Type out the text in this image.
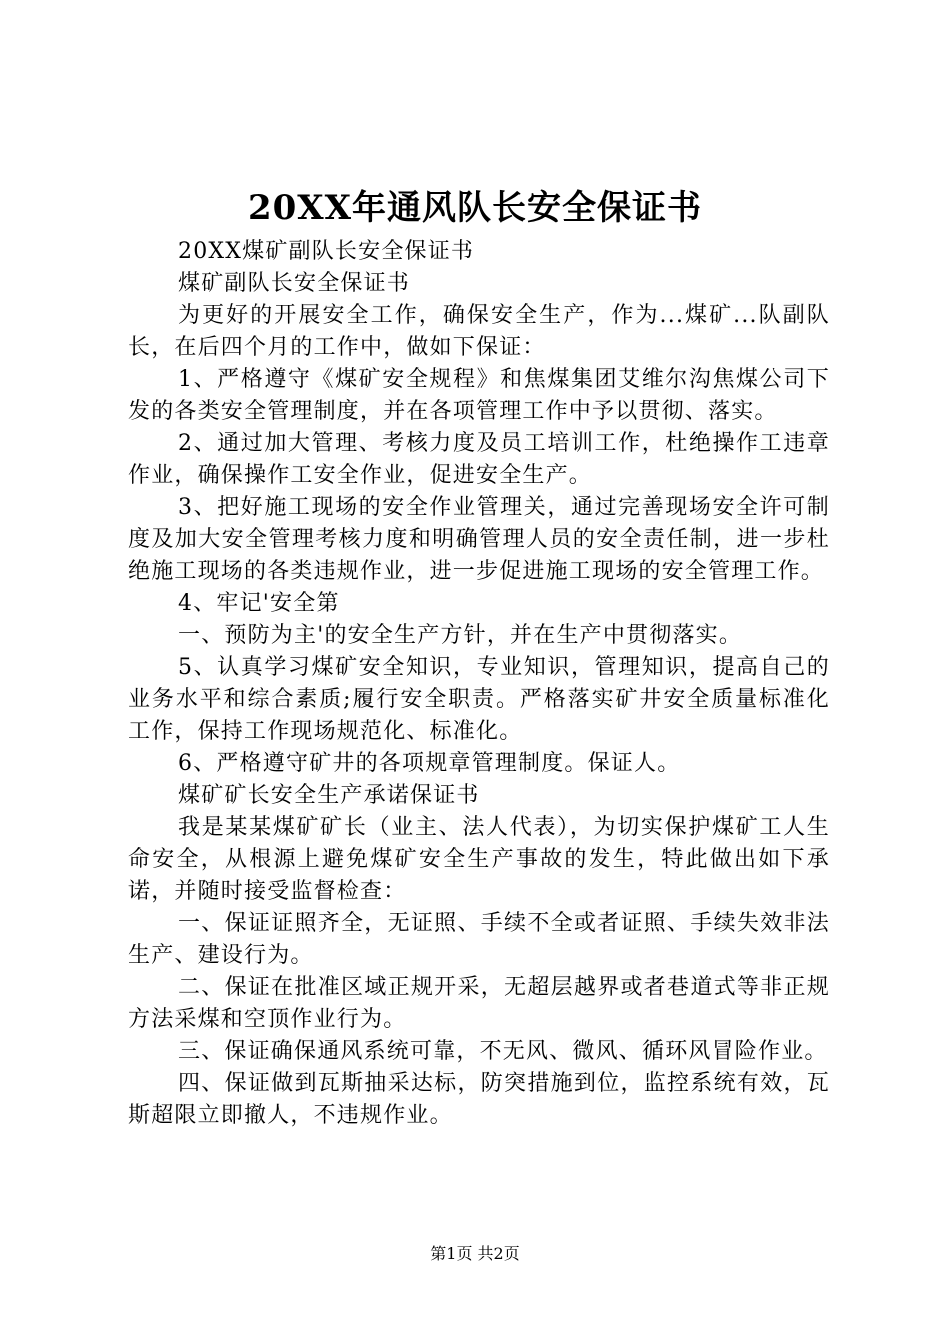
20XX年通风队长安全保证书

20XX煤矿副队长安全保证书

煤矿副队长安全保证书

为更好的开展安全工作，确保安全生产，作为...煤矿...队副队长，在后四个月的工作中，做如下保证：

1、严格遵守《煤矿安全规程》和焦煤集团艾维尔沟焦煤公司下发的各类安全管理制度，并在各项管理工作中予以贯彻、落实。

2、通过加大管理、考核力度及员工培训工作，杜绝操作工违章作业，确保操作工安全作业，促进安全生产。

3、把好施工现场的安全作业管理关，通过完善现场安全许可制度及加大安全管理考核力度和明确管理人员的安全责任制，进一步杜绝施工现场的各类违规作业，进一步促进施工现场的安全管理工作。

4、牢记'安全第

一、预防为主'的安全生产方针，并在生产中贯彻落实。

5、认真学习煤矿安全知识，专业知识，管理知识，提高自己的业务水平和综合素质;履行安全职责。严格落实矿井安全质量标准化工作，保持工作现场规范化、标准化。

6、严格遵守矿井的各项规章管理制度。保证人。

煤矿矿长安全生产承诺保证书

我是某某煤矿矿长（业主、法人代表），为切实保护煤矿工人生命安全，从根源上避免煤矿安全生产事故的发生，特此做出如下承诺，并随时接受监督检查：

一、保证证照齐全，无证照、手续不全或者证照、手续失效非法生产、建设行为。

二、保证在批准区域正规开采，无超层越界或者巷道式等非正规方法采煤和空顶作业行为。

三、保证确保通风系统可靠，不无风、微风、循环风冒险作业。

四、保证做到瓦斯抽采达标，防突措施到位，监控系统有效，瓦斯超限立即撤人，不违规作业。

第1页 共2页
